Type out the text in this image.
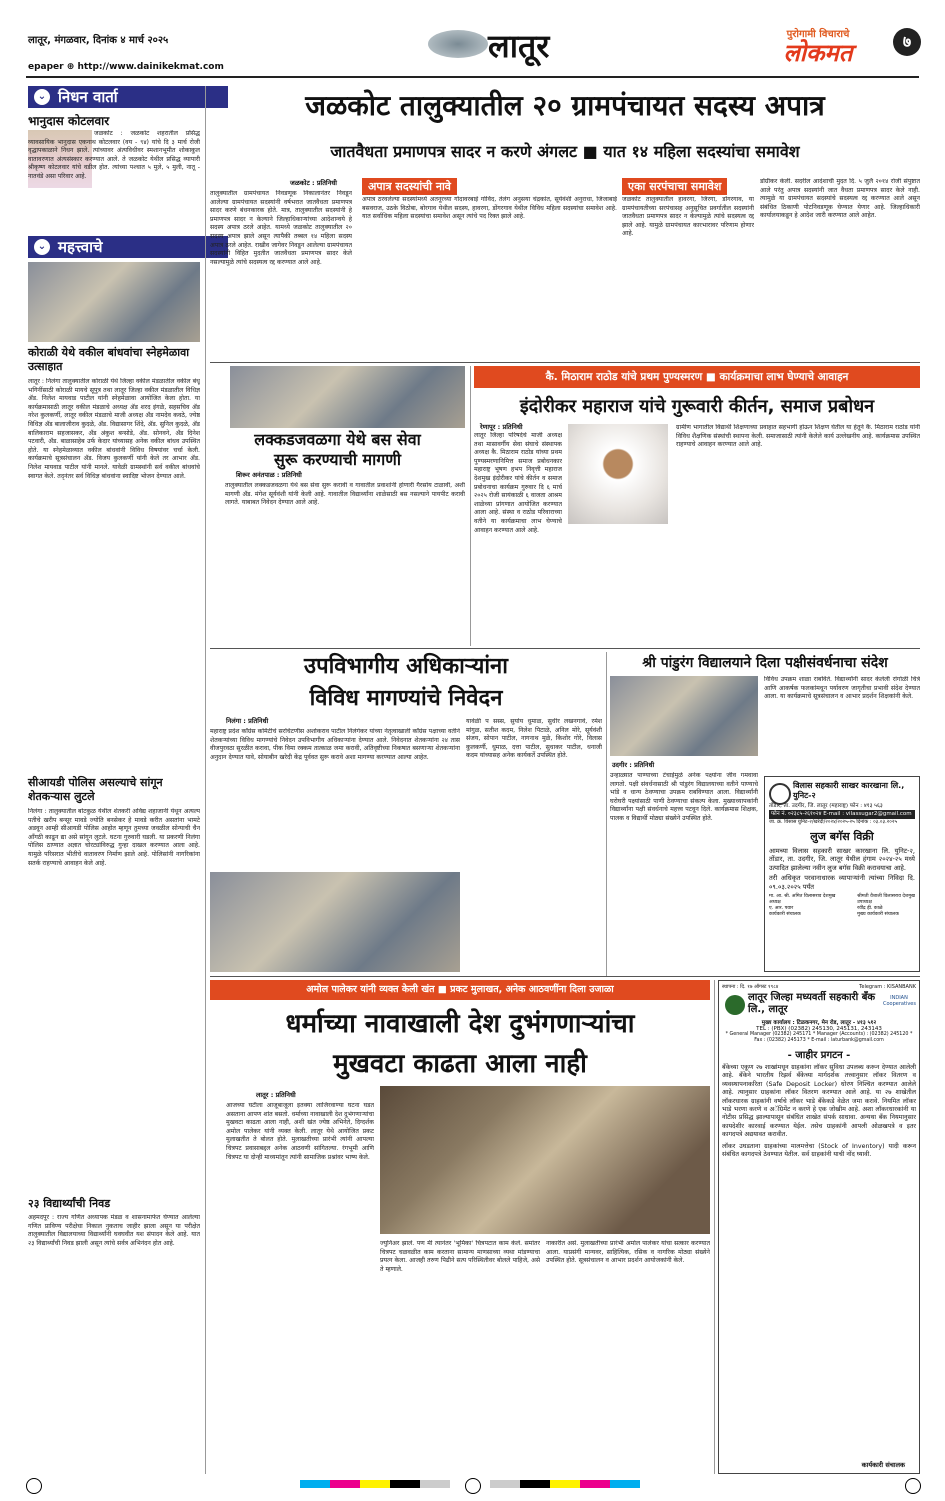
लातूर, मंगळवार, दिनांक ४ मार्च २०२५	लातूर	पुरोगामी विचाराचे
लोकमत	७
epaper ⊕ http://www.dainikekmat.com
⌄ निधन वार्ता
भानुदास कोटलवार
जळकोट : जळकोट शहरातील प्रसिद्ध व्यावसायिक भानुदास एकनाथ कोटलवार (वय - ९४) यांचे दि ३ मार्च रोजी वृद्धापकाळाने निधन झाले. त्यांच्यावर अंत्यविधीवर स्मशानभूमीत शोकाकुल वातावरणात अंत्यसंस्कार करण्यात आले. ते जळकोट येथील प्रसिद्ध व्यापारी श्रीकृष्ण कोटलवार यांचे वडील होत. त्यांच्या पश्चात ५ मुले, ५ मुली, नातू - नातवंडे असा परिवार आहे.
⌄ महत्त्वाचे
कोराळी येथे वकील बांधवांचा स्नेहमेळावा उत्साहात
लातूर : निलंगा तालुक्यातील कोराळी येथे जिल्हा वकील मंडळातील वकील बंधू भगिनींसाठी कोराळी मायचे सूपुत्र तथा लातूर जिल्हा वकील मंडळातील विधिज्ञ ॲड. निलेश मायवाड पाटील यांनी स्नेहमेळावा आयोजित केला होता. या कार्यक्रमासाठी लातूर वकील मंडळाचे अध्यक्ष ॲड शरद इंगळे, सहसचिव ॲड नरेश कुलकर्णी, लातूर वकील मंडळाचे माजी अध्यक्ष ॲड नामदेव कवठे, ज्येष्ठ विधिज्ञ ॲड बालाजीराव कुदळे, ॲड. विद्यासागर शिंदे, ॲड. सुनिल कुदळे, ॲड बालिकाराम सहजासकर, ॲड अंकुश बन्सोडे, ॲड. सोनवने, ॲड दिनेश पटवारी, ॲड. बाळासाहेब उर्फ केदार यांच्यासह अनेक वकील बांधव उपस्थित होते. या स्नेहमेळाव्यात वकील बांधवांनी विविध विषयांवर चर्चा केली. कार्यक्रमाचे सूत्रसंचालन ॲड. विजय कुलकर्णी यांनी केले तर आभार ॲड. निलेश मायवाड पाटील यांनी मानले. यावेळी ग्रामस्थांनी सर्व वकील बांधवांचे स्वागत केले. तद्नंतर सर्व विधिज्ञ बांधवांना स्वादिष्ट भोजन देण्यात आले.
सीआयडी पोलिस असल्याचे सांगून शेतकऱ्यास लुटले
निलंगा : तालुक्यातील बोटकुळ येथील शेतकरी अविद्य शहाजानी येथून अत्यल्प पतीचे खरीप बन्सूर मावडे ज्योति बनसेकर हे मावडे करीत असतांना भामटे अडवून आम्ही सीआयडी पोलिस आहोत म्हणून तुमच्या जवळील सोन्याची चैन ऑंगठी काढून द्या असे सांगून लुटले. घटना गुरुवारी घडली. या प्रकरणी निलंगा पोलिस ठाण्यात अज्ञात चोरट्यांविरुद्ध गुन्हा दाखल करण्यात आला आहे. यामुळे परिसरात भीतीचे वातावरण निर्माण झाले आहे. पोलिसांनी नागरिकांना सतर्क राहण्याचे आवाहन केले आहे.
२३ विद्यार्थ्यांची निवड
अहमदपूर : राज्य गणित अध्यापक मंडळ व शासनामार्फत घेण्यात आलेल्या गणित प्राविण्य परीक्षेचा निकाल नुकताच जाहीर झाला असून या परीक्षेत तालुक्यातील विद्यालयाच्या विद्यार्थ्यांनी घवघवीत यश संपादन केले आहे. यात २३ विद्यार्थ्यांची निवड झाली असून त्यांचे सर्वत्र अभिनंदन होत आहे.
जळकोट तालुक्यातील २० ग्रामपंचायत सदस्य अपात्र
जातवैधता प्रमाणपत्र सादर न करणे अंगलट ■ यात १४ महिला सदस्यांचा समावेश
जळकोट : प्रतिनिधी
तालुक्यातील ग्रामपंचायत निवडणूक निकालानंतर निवडून आलेल्या ग्रामपंचायत सदस्यांनी वर्षभरात जातवैधता प्रमाणपत्र सादर करणे बंधनकारक होते. मात्र, तालुक्यातील सदस्यांनी हे प्रमाणपत्र सादर न केल्याने जिल्हाधिकाऱ्यांच्या आदेशान्वये हे सदस्य अपात्र ठरले आहेत. यामध्ये जळकोट तालुक्यातील २० सदस्य अपात्र झाले असून त्यापैकी तब्बल १४ महिला सदस्य अपात्र ठरले आहेत. राखीव जागेवर निवडून आलेल्या ग्रामपंचायत सदस्यांनी विहित मुदतीत जातवैधता प्रमाणपत्र सादर केले नसल्यामुळे त्यांचे सदस्यत्व रद्द करण्यात आले आहे.
अपात्र सदस्यांची नावे
अपात्र ठरवलेल्या सदस्यांमध्ये अतनूरच्या गोदावरबाई गोविंद, तेलंग अनुसया चंद्रकांत, सूर्यवंशी अनुराधा, जिजाबाई बसवराज, उठके विठोबा, बोरगाव येथील सदस्य, हावरगा, डोंगरगाव येथील विविध महिला सदस्यांचा समावेश आहे. यात सर्वाधिक महिला सदस्यांचा समावेश असून त्यांचे पद रिक्त झाले आहे.
एका सरपंचाचा समावेश
जळकोट तालुक्यातील हावरगा, जिरगा, डोंगरगाव, या ग्रामपंचायतीच्या सरपंचासह अनुसूचित प्रवर्गातील सदस्यांनी जातवैधता प्रमाणपत्र सादर न केल्यामुळे त्यांचे सदस्यत्व रद्द झाले आहे. यामुळे ग्रामपंचायत कारभारावर परिणाम होणार आहे.
डोंग्रीकर केली. सदरील आदेशाची मुदत दि. ५ जुलै २०१४ रोजी संपुष्टात आले परंतु अपात्र सदस्यांनी जात वैधता प्रमाणपत्र सादर केले नाही. त्यामुळे या ग्रामपंचायत सदस्यांचे सदस्यत्व रद्द करण्यात आले असून संबंधित ठिकाणी पोटनिवडणूक घेण्यात येणार आहे. जिल्हाधिकारी कार्यालयाकडून हे आदेश जारी करण्यात आले आहेत.
लक्कडजवळगा येथे बस सेवा
सुरू करण्याची मागणी
शिरूर अनंतपाळ : प्रतिनिधी
तालुक्यातील लक्कडजवळगा येथे बस सेवा सुरू करावी व गावातील प्रवाशांनी होणारी गैरसोय टाळावी, अशी मागणी ॲड. मंगेश सूर्यवंशी यांनी केली आहे. गावातील विद्यार्थ्यांना शाळेसाठी बस नसल्याने पायपीट करावी लागते. याबाबत निवेदन देण्यात आले आहे.
कै. मिठाराम राठोड यांचे प्रथम पुण्यस्मरण ■ कार्यक्रमाचा लाभ घेण्याचे आवाहन
इंदोरीकर महाराज यांचे गुरूवारी कीर्तन, समाज प्रबोधन
रेणापूर : प्रतिनिधी
लातूर जिल्हा परिषदेचे माजी अध्यक्ष तथा मासावर्गीय सेवा संघाचे संस्थापक अध्यक्ष कै. मिठाराम राठोड यांच्या प्रथम पुण्यस्मरणानिमित्त समाज प्रबोधनकार महाराष्ट्र भूषण हभप निवृत्ती महाराज देशमुख इंदोरीकर यांचे कीर्तन व समाज प्रबोधनाचा कार्यक्रम गुरुवार दि ६ मार्च २०२५ रोजी सायंकाळी ६ वाजता आश्रम शाळेच्या प्रांगणात आयोजित करण्यात आला आहे. संस्था व राठोड परिवाराच्या वतीने या कार्यक्रमाचा लाभ घेण्याचे आवाहन करण्यात आले आहे.
ग्रामीण भागातील विद्यार्थी शिक्षणाच्या प्रवाहात सहभागी होऊन शिक्षण घेतील या हेतूने कै. मिठाराम राठोड यांनी विविध शैक्षणिक संस्थांची स्थापना केली. समाजासाठी त्यांनी केलेले कार्य उल्लेखनीय आहे. कार्यक्रमास उपस्थित राहण्याचे आवाहन करण्यात आले आहे.
उपविभागीय अधिकाऱ्यांना
विविध मागण्यांचे निवेदन
निलंगा : प्रतिनिधी
महाराष्ट्र प्रदेश काँग्रेस कमिटीचे सरचिटणीस अशोकराव पाटील निलंगेकर यांच्या नेतृत्वाखाली काँग्रेस पक्षाच्या वतीने शेतकऱ्यांच्या विविध मागण्यांचे निवेदन उपविभागीय अधिकाऱ्यांना देण्यात आले. निवेदनात शेतकऱ्यांना २४ तास वीजपुरवठा सुरळीत करावा, पीक विमा रक्कम तात्काळ जमा करावी, अतिवृष्टीच्या निकषात बसणाऱ्या शेतकऱ्यांना अनुदान देण्यात यावे, सोयाबीन खरेदी केंद्र पूर्ववत सुरू करावे अशा मागण्या करण्यात आल्या आहेत.
यावेळी प सस्स, सुर्याय धुमाळ, सुधीर लखनगावे, रमेश मांगुळ, सतीश कदम, निलेश पिटाळे, अनिल मोरे, सूर्यवंशी संजय, सोपान पाटील, नागनाथ मुळे, किशोर गोरे, विलास कुलकर्णी, धुमाळ, दत्ता पाटील, सुधाकर पाटील, धनाजी कदम यांच्यासह अनेक कार्यकर्ते उपस्थित होते.
श्री पांडुरंग विद्यालयाने दिला पक्षीसंवर्धनाचा संदेश
उदगीर : प्रतिनिधी
उन्हाळ्यात पाण्याच्या टंचाईमुळे अनेक पक्ष्यांना जीव गमवावा लागतो. पक्षी संवर्धनासाठी श्री पांडुरंग विद्यालयाच्या वतीने पाण्याचे भांडे व धान्य ठेवण्याचा उपक्रम राबविण्यात आला. विद्यार्थ्यांनी घरोघरी पक्ष्यांसाठी पाणी ठेवण्याचा संकल्प केला. मुख्याध्यापकांनी विद्यार्थ्यांना पक्षी संवर्धनाचे महत्त्व पटवून दिले. कार्यक्रमास शिक्षक, पालक व विद्यार्थी मोठ्या संख्येने उपस्थित होते.
विविध उपक्रम शाळा राबविते. विद्यार्थ्यांनी सादर केलेली रांगोळी चित्रे आणि आकर्षक फलकांमधून पर्यावरण जागृतीचा प्रभावी संदेश देण्यात आला. या कार्यक्रमाचे सूत्रसंचालन व आभार प्रदर्शन शिक्षकांनी केले.
विलास सहकारी साखर कारखाना लि., युनिट-२
तोंडार, ता. उदगीर, जि. लातूर (महाराष्ट्र) फोन : ४१३ ५६३
फोन नं. ०२३८५-२६१०२४ E-mail : vilassugar2@gmail.com
जा. क्र. विसास युनिट-२/खरेदी/२०२४/२०२५-२५ दिनांक : ०३.०३.२०२५
लुज बगॅस विक्री
आमच्या विलास सहकारी साखर कारखाना लि. युनिट-२, तोंडार, ता. उदगीर, जि. लातूर येथील हंगाम २०२४-२५ मध्ये उत्पादित झालेल्या नवीन लुज बगॅस विक्री करावयाचा आहे.
तरी अधिकृत परवानाधारक व्यापाऱ्यांनी त्यांच्या निविदा दि. ०९.०३.२०२५ पर्यंत
मा. आ. श्री. अमित विलासराव देशमुख
अध्यक्ष
ए. आर. पवार
कार्यकारी संचालक
श्रीमती वैशाली विलासराव देशमुख
उपाध्यक्ष
रवींद्र ह्री. काळे
मुख्य कार्यकारी संचालक
अमोल पालेकर यांनी व्यक्त केली खंत ■ प्रकट मुलाखत, अनेक आठवणींना दिला उजाळा
धर्माच्या नावाखाली देश दुभंगणाऱ्यांचा
मुखवटा काढता आला नाही
लातूर : प्रतिनिधी
आजच्या घटीला आजूबाजूला इतक्या लाजिरवाण्या घटना घडत असताना आपण शांत बसतो. धर्माच्या नावाखाली देश दुभंगणाऱ्यांचा मुखवटा काढता आला नाही, अशी खंत ज्येष्ठ अभिनेते, दिग्दर्शक अमोल पालेकर यांनी व्यक्त केली. लातूर येथे आयोजित प्रकट मुलाखतीत ते बोलत होते. मुलाखतीच्या प्रारंभी त्यांनी आपल्या चित्रपट प्रवासाबद्दल अनेक आठवणी सांगितल्या. रंगभूमी आणि चित्रपट या दोन्ही माध्यमांतून त्यांनी सामाजिक प्रश्नांवर भाष्य केले.
ज्युनिअर झाले. पण मी त्यानंतर 'भूमिका' चित्रपटात काम केले. समांतर चित्रपट चळवळीत काम करताना सामान्य माणसाच्या व्यथा मांडण्याचा प्रयत्न केला. आजही तरुण पिढीने सत्य परिस्थितीवर बोलले पाहिजे, असे ते म्हणाले.
नाकारीत असे. मुलाखतीच्या प्रारंभी अमोल पालेकर यांचा सत्कार करण्यात आला. याप्रसंगी मान्यवर, साहित्यिक, रसिक व नागरिक मोठ्या संख्येने उपस्थित होते. सूत्रसंचालन व आभार प्रदर्शन आयोजकांनी केले.
स्थापना : दि. १७ ऑगस्ट १९८४	Telegram : KISANBANK
लातूर जिल्हा मध्यवर्ती सहकारी बँक लि., लातूर
INDIAN Cooperatives
मुख्य कार्यालय : टिळकनगर, मेन रोड, लातूर - ४१३ ५१२
TEL : (PBX) (02382) 245130, 245131, 243143
* General Manager (02382) 245171 * Manager (Accounts) : (02382) 245120 * Fax : (02382) 245173 * E-mail : laturbank@gmail.com
- जाहीर प्रगटन -
बँकेच्या एकूण २७ शाखांमधून ग्राहकांना लॉकर सुविधा उपलब्ध करून देण्यात आलेली आहे. बँकेने भारतीय रिझर्व बँकेच्या मार्गदर्शक तत्त्वानुसार लॉकर वितरण व व्यवस्थापनाकरिता (Safe Deposit Locker) धोरण निश्चित करण्यात आलेले आहे. त्यानुसार ग्राहकांना लॉकर वितरण करण्यात आले आहे. या २७ शाखेतील लॉकरधारक ग्राहकांनी वर्षाचे लॉकर भाडे बँकेकडे वेळेत जमा करावे. नियमित लॉकर भाडे भरणा करणे व अॅग्रिमेंट न करणे हे एक जोखीम आहे. अशा लॉकरधारकांनी या नोटीस प्रसिद्ध झाल्यापासून संबंधित शाखेत संपर्क साधावा. अन्यथा बँक नियमानुसार कायदेशीर कारवाई करण्यात येईल. तसेच ग्राहकांनी आपली ओळखपत्रे व इतर कागदपत्रे अद्ययावत करावीत.
लॉकर उघडताना ग्राहकांच्या मालमत्तेचा (Stock of Inventory) यादी करून संबंधित कागदपत्रे ठेवण्यात येतील. सर्व ग्राहकांनी याची नोंद घ्यावी.
कार्यकारी संचालक
